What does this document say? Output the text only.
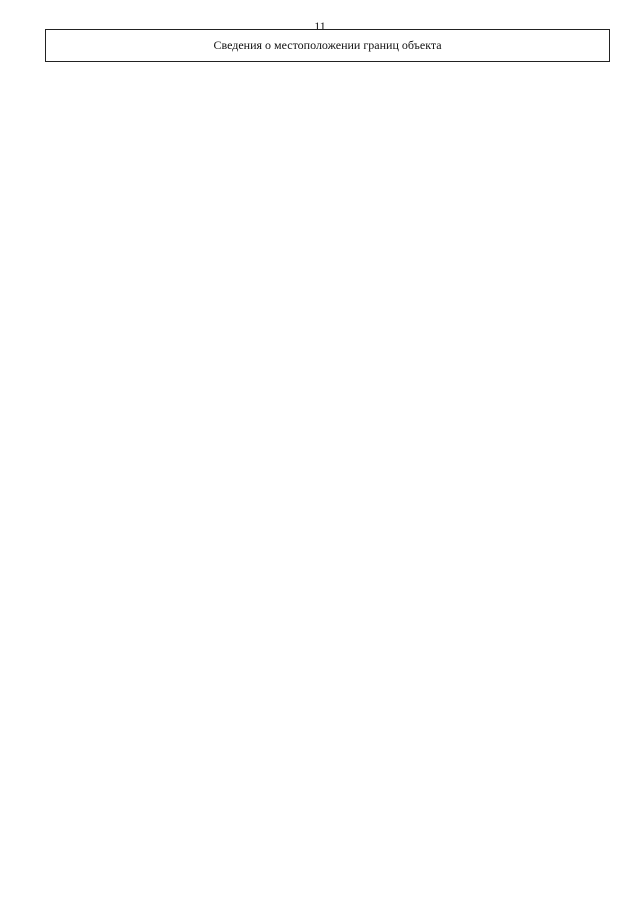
11
Сведения о местоположении границ объекта
